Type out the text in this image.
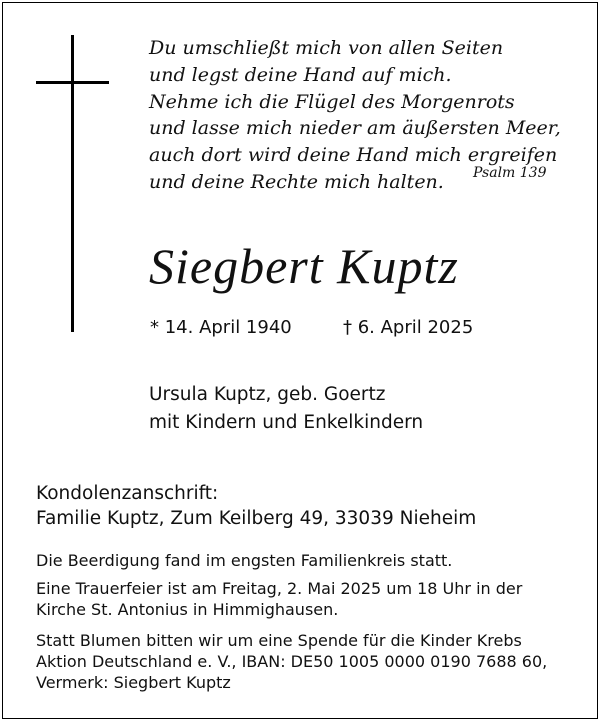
Du umschließt mich von allen Seiten
und legst deine Hand auf mich.
Nehme ich die Flügel des Morgenrots
und lasse mich nieder am äußersten Meer,
auch dort wird deine Hand mich ergreifen
und deine Rechte mich halten.	Psalm 139
Siegbert Kuptz
* 14. April 1940	† 6. April 2025
Ursula Kuptz, geb. Goertz
mit Kindern und Enkelkindern
Kondolenzanschrift:
Familie Kuptz, Zum Keilberg 49, 33039 Nieheim
Die Beerdigung fand im engsten Familienkreis statt.
Eine Trauerfeier ist am Freitag, 2. Mai 2025 um 18 Uhr in der
Kirche St. Antonius in Himmighausen.
Statt Blumen bitten wir um eine Spende für die Kinder Krebs
Aktion Deutschland e. V., IBAN: DE50 1005 0000 0190 7688 60,
Vermerk: Siegbert Kuptz
